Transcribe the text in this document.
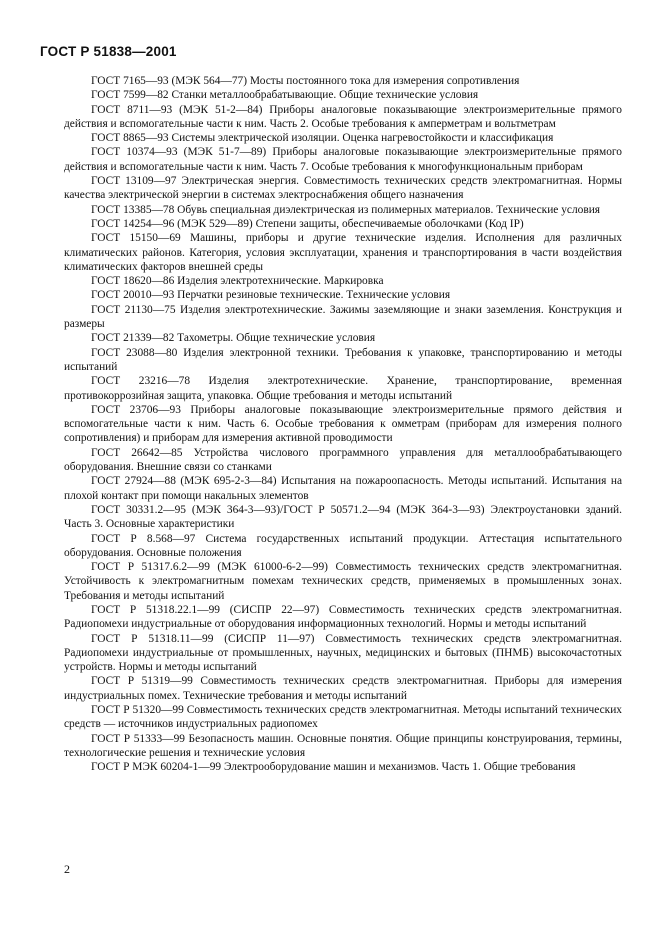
ГОСТ Р 51838—2001

ГОСТ 7165—93 (МЭК 564—77) Мосты постоянного тока для измерения сопротивления

ГОСТ 7599—82 Станки металлообрабатывающие. Общие технические условия

ГОСТ 8711—93 (МЭК 51-2—84) Приборы аналоговые показывающие электроизмерительные прямого действия и вспомогательные части к ним. Часть 2. Особые требования к амперметрам и вольтметрам

ГОСТ 8865—93 Системы электрической изоляции. Оценка нагревостойкости и классификация

ГОСТ 10374—93 (МЭК 51-7—89) Приборы аналоговые показывающие электроизмерительные прямого действия и вспомогательные части к ним. Часть 7. Особые требования к многофункциональным приборам

ГОСТ 13109—97 Электрическая энергия. Совместимость технических средств электромагнитная. Нормы качества электрической энергии в системах электроснабжения общего назначения

ГОСТ 13385—78 Обувь специальная диэлектрическая из полимерных материалов. Технические условия

ГОСТ 14254—96 (МЭК 529—89) Степени защиты, обеспечиваемые оболочками (Код IP)

ГОСТ 15150—69 Машины, приборы и другие технические изделия. Исполнения для различных климатических районов. Категория, условия эксплуатации, хранения и транспортирования в части воздействия климатических факторов внешней среды

ГОСТ 18620—86 Изделия электротехнические. Маркировка

ГОСТ 20010—93 Перчатки резиновые технические. Технические условия

ГОСТ 21130—75 Изделия электротехнические. Зажимы заземляющие и знаки заземления. Конструкция и размеры

ГОСТ 21339—82 Тахометры. Общие технические условия

ГОСТ 23088—80 Изделия электронной техники. Требования к упаковке, транспортированию и методы испытаний

ГОСТ 23216—78 Изделия электротехнические. Хранение, транспортирование, временная противокоррозийная защита, упаковка. Общие требования и методы испытаний

ГОСТ 23706—93 Приборы аналоговые показывающие электроизмерительные прямого действия и вспомогательные части к ним. Часть 6. Особые требования к омметрам (приборам для измерения полного сопротивления) и приборам для измерения активной проводимости

ГОСТ 26642—85 Устройства числового программного управления для металлообрабатывающего оборудования. Внешние связи со станками

ГОСТ 27924—88 (МЭК 695-2-3—84) Испытания на пожароопасность. Методы испытаний. Испытания на плохой контакт при помощи накальных элементов

ГОСТ 30331.2—95 (МЭК 364-3—93)/ГОСТ Р 50571.2—94 (МЭК 364-3—93) Электроустановки зданий. Часть 3. Основные характеристики

ГОСТ Р 8.568—97 Система государственных испытаний продукции. Аттестация испытательного оборудования. Основные положения

ГОСТ Р 51317.6.2—99 (МЭК 61000-6-2—99) Совместимость технических средств электромагнитная. Устойчивость к электромагнитным помехам технических средств, применяемых в промышленных зонах. Требования и методы испытаний

ГОСТ Р 51318.22.1—99 (СИСПР 22—97) Совместимость технических средств электромагнитная. Радиопомехи индустриальные от оборудования информационных технологий. Нормы и методы испытаний

ГОСТ Р 51318.11—99 (СИСПР 11—97) Совместимость технических средств электромагнитная. Радиопомехи индустриальные от промышленных, научных, медицинских и бытовых (ПНМБ) высокочастотных устройств. Нормы и методы испытаний

ГОСТ Р 51319—99 Совместимость технических средств электромагнитная. Приборы для измерения индустриальных помех. Технические требования и методы испытаний

ГОСТ Р 51320—99 Совместимость технических средств электромагнитная. Методы испытаний технических средств — источников индустриальных радиопомех

ГОСТ Р 51333—99 Безопасность машин. Основные понятия. Общие принципы конструирования, термины, технологические решения и технические условия

ГОСТ Р МЭК 60204-1—99 Электрооборудование машин и механизмов. Часть 1. Общие требования

2
